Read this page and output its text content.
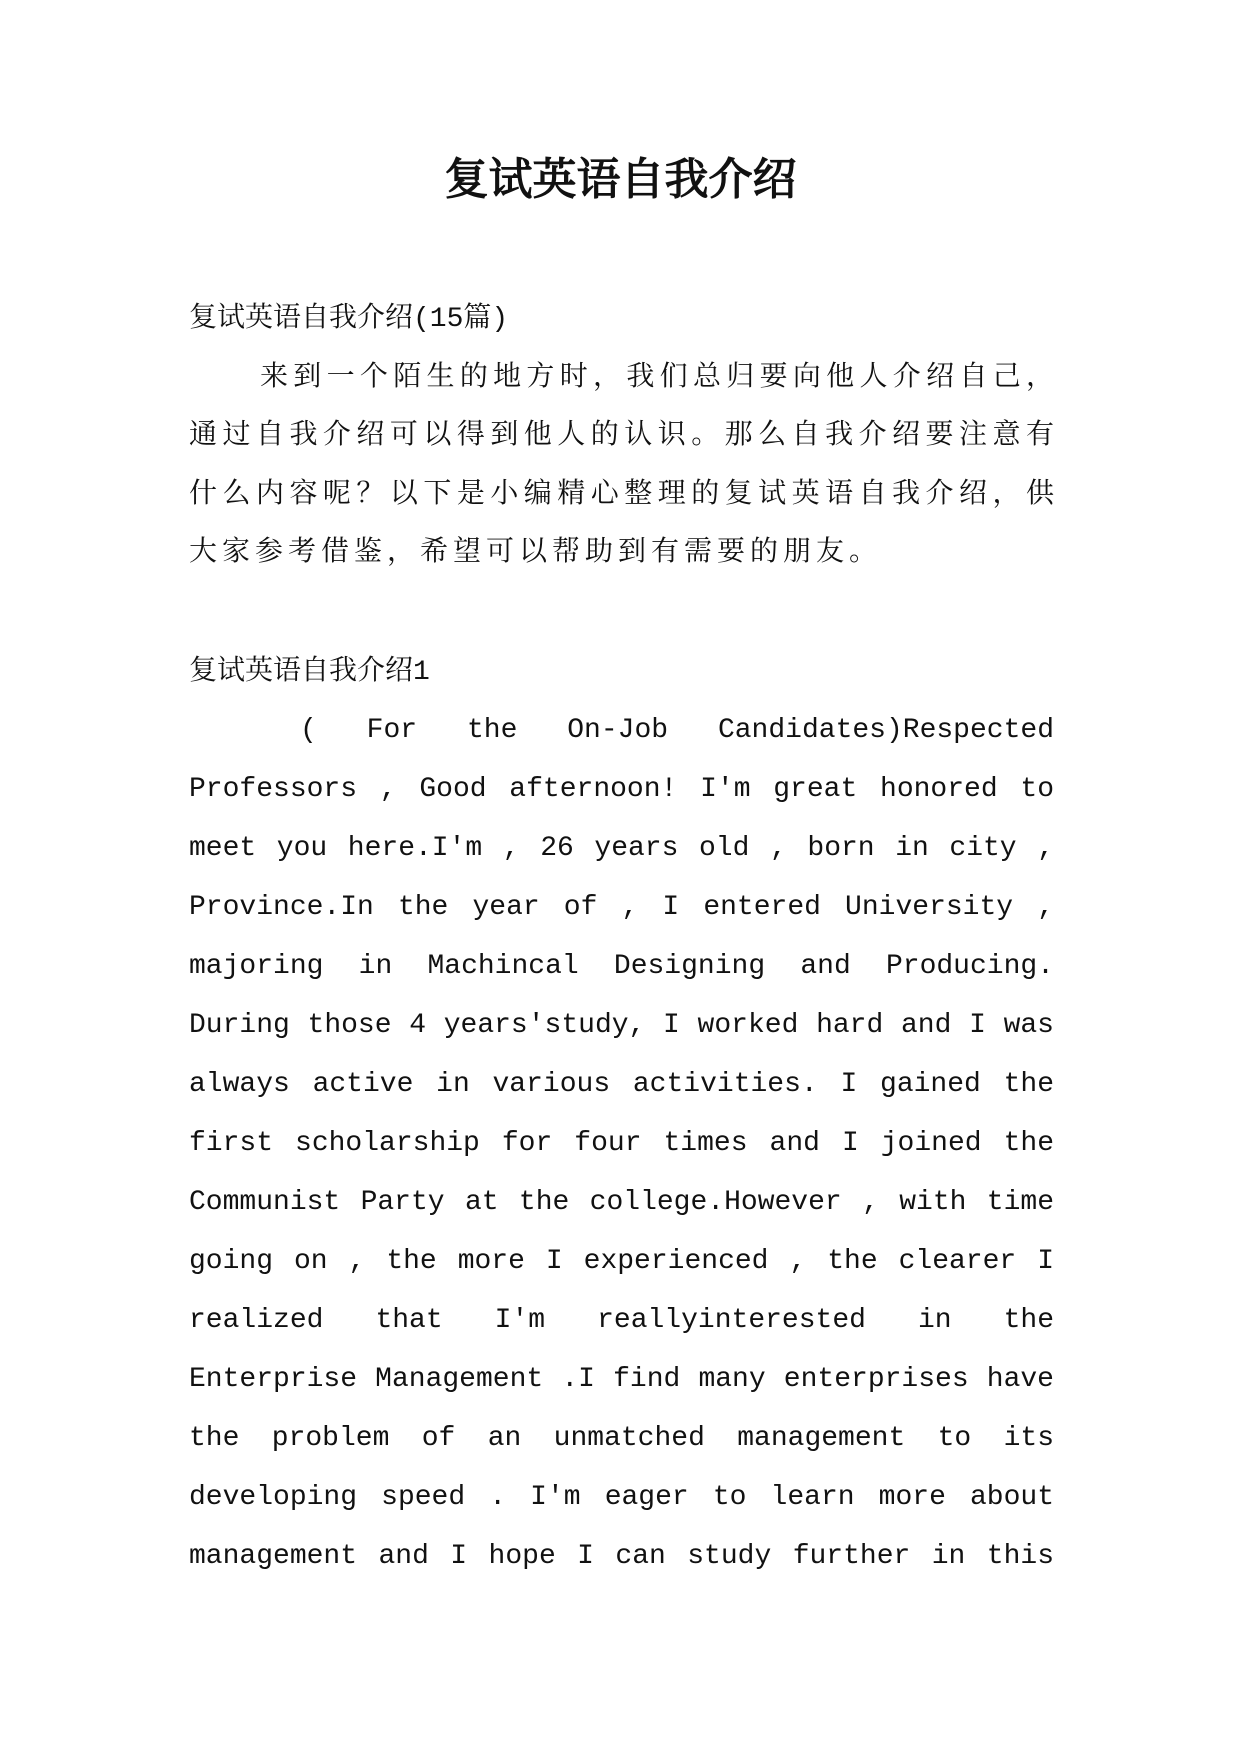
复试英语自我介绍
复试英语自我介绍(15篇)
来 到 一 个 陌 生 的 地 方 时 ， 我 们 总 归 要 向 他 人 介 绍 自 己 ，
通 过 自 我 介 绍 可 以 得 到 他 人 的 认 识 。 那 么 自 我 介 绍 要 注 意 有
什 么 内 容 呢 ？ 以 下 是 小 编 精 心 整 理 的 复 试 英 语 自 我 介 绍 ， 供
大家参考借鉴，希望可以帮助到有需要的朋友。
复试英语自我介绍1
( For the On-Job Candidates)Respected
Professors , Good afternoon! I'm great honored to
meet you here.I'm , 26 years old , born in city ,
Province.In the year of , I entered University ,
majoring in Machincal Designing and Producing.
During those 4 years'study, I worked hard and I was
always active in various activities. I gained the
first scholarship for four times and I joined the
Communist Party at the college.However , with time
going on , the more I experienced , the clearer I
realized that I'm reallyinterested in the
Enterprise Management .I find many enterprises have
the problem of an unmatched management to its
developing speed . I'm eager to learn more about
management and I hope I can study further in this
